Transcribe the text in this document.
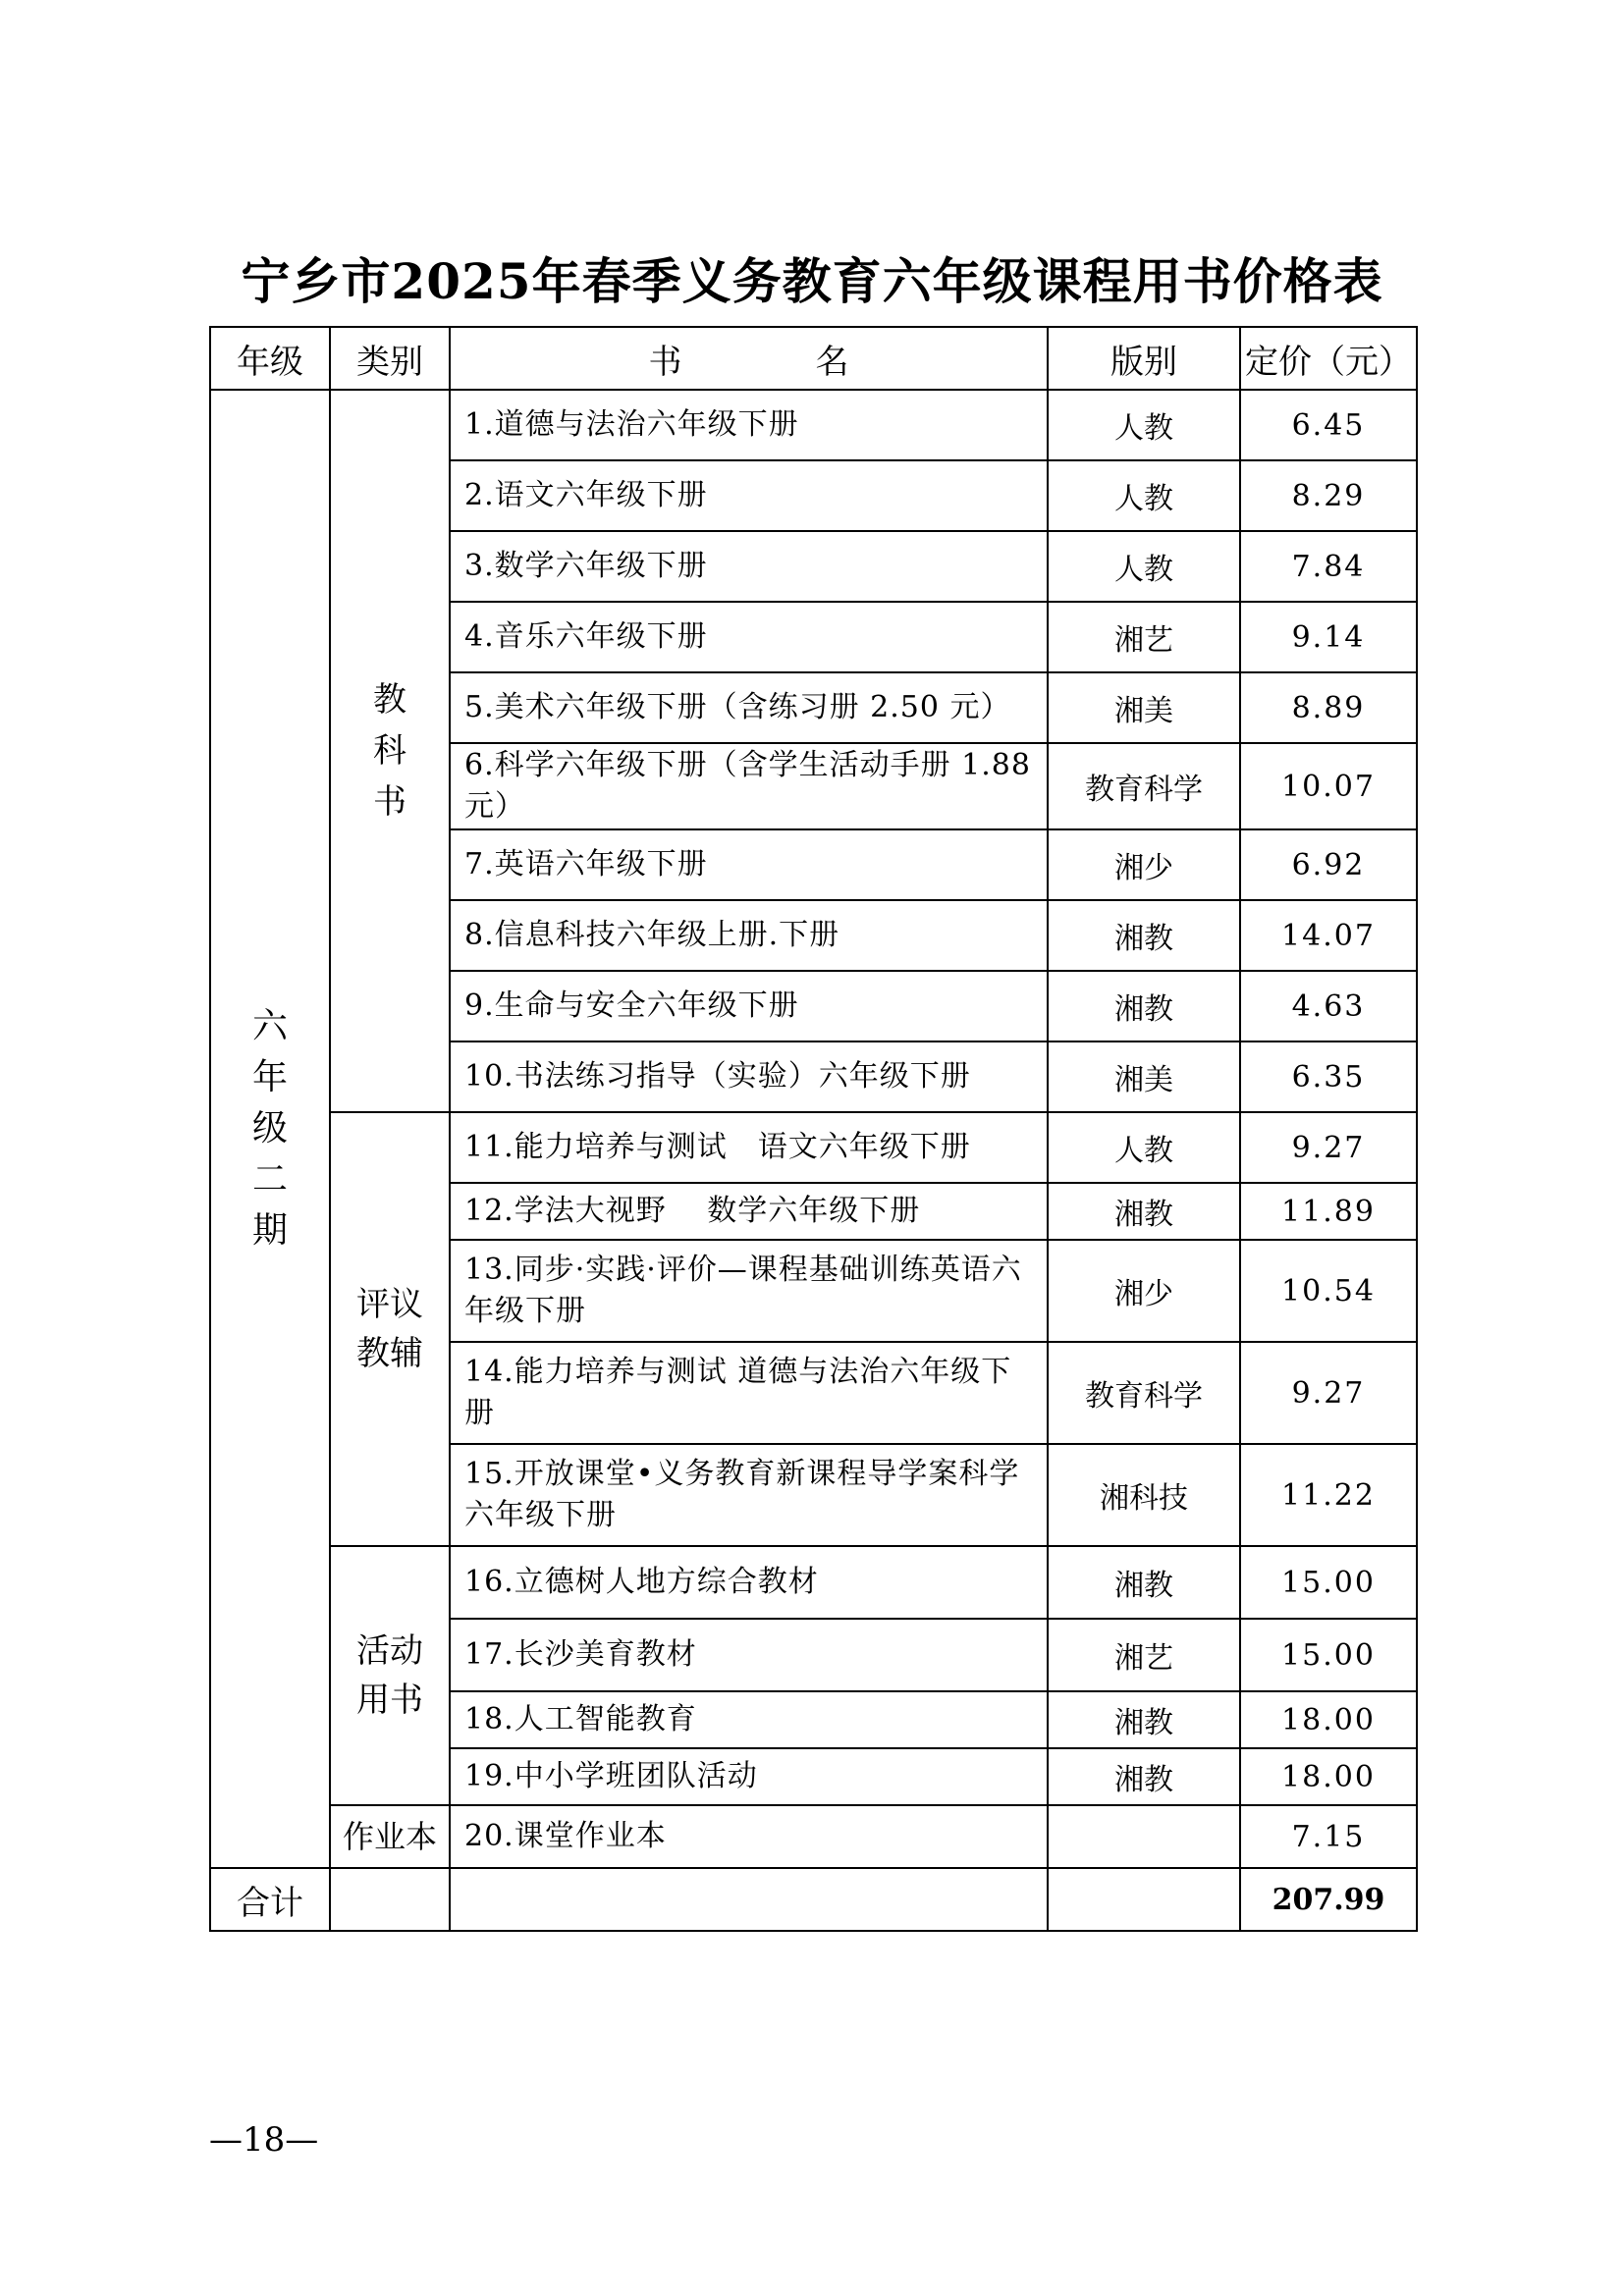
宁乡市2025年春季义务教育六年级课程用书价格表
年级	类别	书　　　　名	版别	定价（元）
六年级二期	教科书	1.道德与法治六年级下册	人教	6.45
		2.语文六年级下册	人教	8.29
		3.数学六年级下册	人教	7.84
		4.音乐六年级下册	湘艺	9.14
		5.美术六年级下册（含练习册 2.50 元）	湘美	8.89
		6.科学六年级下册（含学生活动手册 1.88 元）	教育科学	10.07
		7.英语六年级下册	湘少	6.92
		8.信息科技六年级上册.下册	湘教	14.07
		9.生命与安全六年级下册	湘教	4.63
		10.书法练习指导（实验）六年级下册	湘美	6.35
	评议教辅	11.能力培养与测试　语文六年级下册	人教	9.27
		12.学法大视野　 数学六年级下册	湘教	11.89
		13.同步·实践·评价—课程基础训练英语六年级下册	湘少	10.54
		14.能力培养与测试 道德与法治六年级下册	教育科学	9.27
		15.开放课堂•义务教育新课程导学案科学六年级下册	湘科技	11.22
	活动用书	16.立德树人地方综合教材	湘教	15.00
		17.长沙美育教材	湘艺	15.00
		18.人工智能教育	湘教	18.00
		19.中小学班团队活动	湘教	18.00
	作业本	20.课堂作业本		7.15
合计				207.99
—18—
